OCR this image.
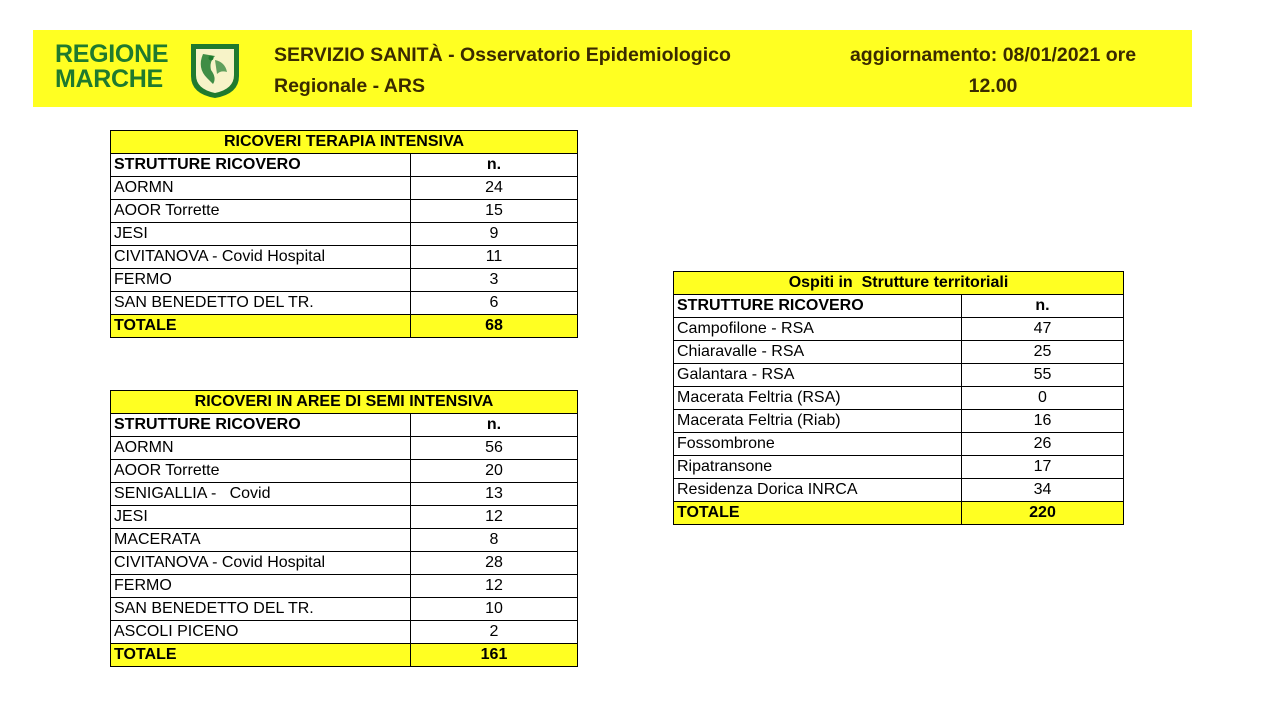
REGIONE
MARCHE
SERVIZIO SANITÀ - Osservatorio Epidemiologico
Regionale - ARS
aggiornamento: 08/01/2021 ore
12.00
RICOVERI TERAPIA INTENSIVA	
STRUTTURE RICOVERO	n.
AORMN	24
AOOR Torrette	15
JESI	9
CIVITANOVA - Covid Hospital	11
FERMO	3
SAN BENEDETTO DEL TR.	6
TOTALE	68
RICOVERI IN AREE DI SEMI INTENSIVA	
STRUTTURE RICOVERO	n.
AORMN	56
AOOR Torrette	20
SENIGALLIA -   Covid	13
JESI	12
MACERATA	8
CIVITANOVA - Covid Hospital	28
FERMO	12
SAN BENEDETTO DEL TR.	10
ASCOLI PICENO	2
TOTALE	161
Ospiti in  Strutture territoriali	
STRUTTURE RICOVERO	n.
Campofilone - RSA	47
Chiaravalle - RSA	25
Galantara - RSA	55
Macerata Feltria (RSA)	0
Macerata Feltria (Riab)	16
Fossombrone	26
Ripatransone	17
Residenza Dorica INRCA	34
TOTALE	220
